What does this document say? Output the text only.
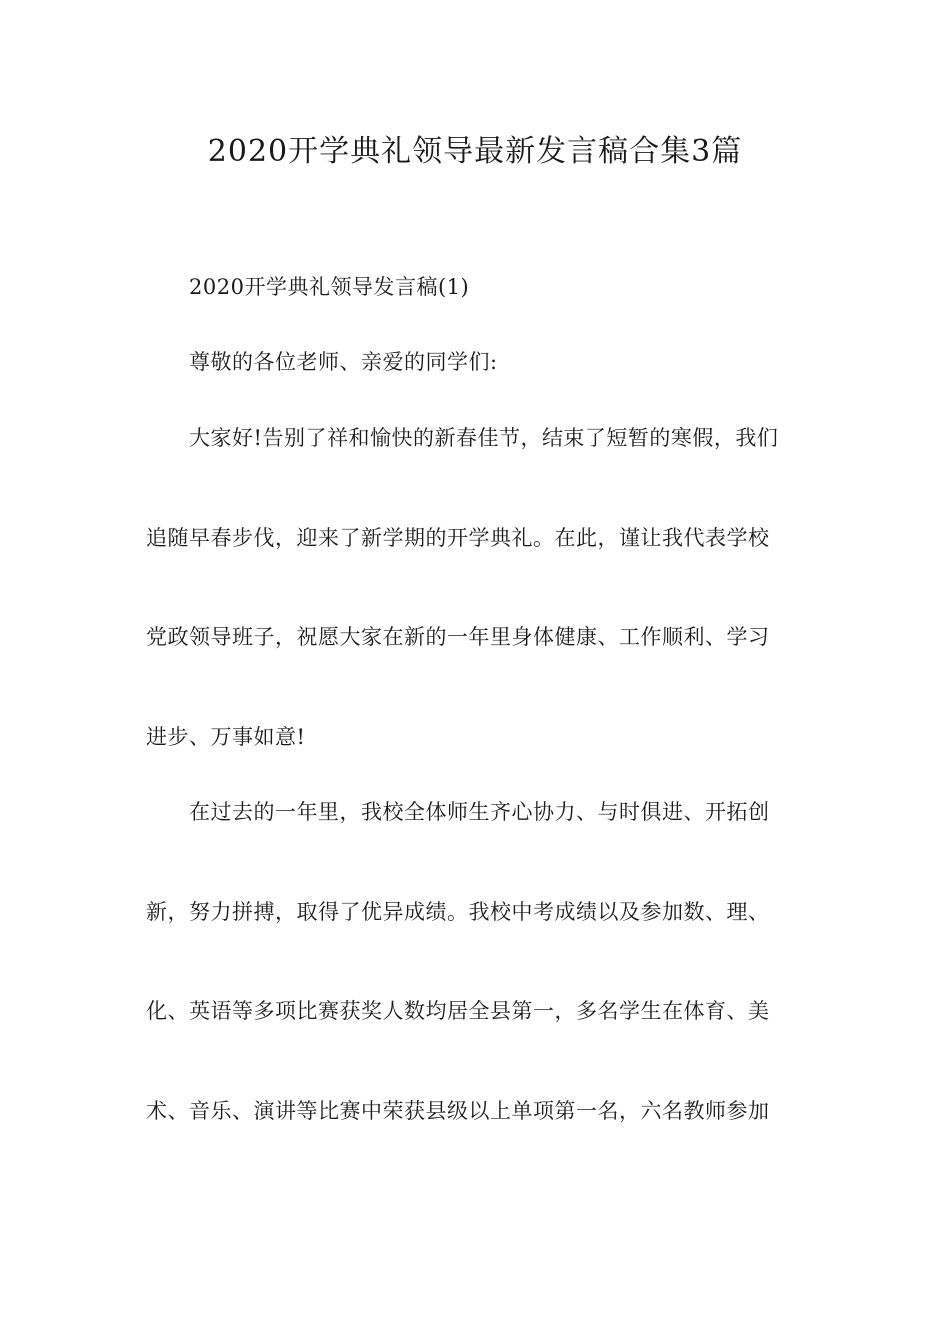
2020开学典礼领导最新发言稿合集3篇
2020开学典礼领导发言稿(1)
尊敬的各位老师、亲爱的同学们:
大家好!告别了祥和愉快的新春佳节，结束了短暂的寒假，我们
追随早春步伐，迎来了新学期的开学典礼。在此，谨让我代表学校
党政领导班子，祝愿大家在新的一年里身体健康、工作顺利、学习
进步、万事如意!
在过去的一年里，我校全体师生齐心协力、与时俱进、开拓创
新，努力拼搏，取得了优异成绩。我校中考成绩以及参加数、理、
化、英语等多项比赛获奖人数均居全县第一，多名学生在体育、美
术、音乐、演讲等比赛中荣获县级以上单项第一名，六名教师参加
